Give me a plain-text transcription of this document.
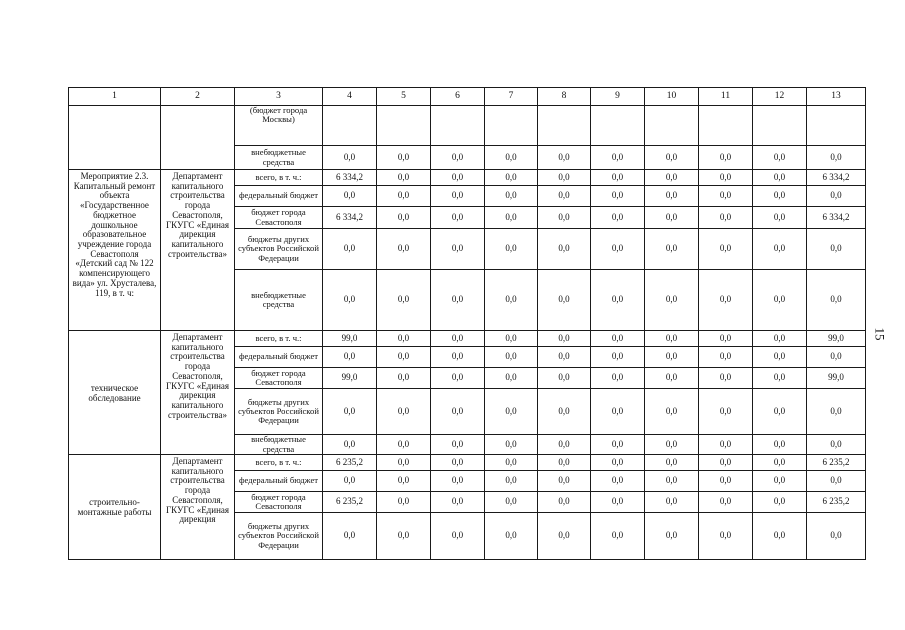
1	2	3	4	5	6	7	8	9	10	11	12	13
		(бюджет города Москвы)										
		внебюджетные средства	0,0	0,0	0,0	0,0	0,0	0,0	0,0	0,0	0,0	0,0
Мероприятие 2.3. Капитальный ремонт объекта «Государственное бюджетное дошкольное образовательное учреждение города Севастополя «Детский сад № 122 компенсирующего вида» ул. Хрусталева, 119, в т. ч:	Департамент капитального строительства города Севастополя, ГКУГС «Единая дирекция капитального строительства»	всего, в т. ч.:	6 334,2	0,0	0,0	0,0	0,0	0,0	0,0	0,0	0,0	6 334,2
		федеральный бюджет	0,0	0,0	0,0	0,0	0,0	0,0	0,0	0,0	0,0	0,0
		бюджет города Севастополя	6 334,2	0,0	0,0	0,0	0,0	0,0	0,0	0,0	0,0	6 334,2
		бюджеты других субъектов Российской Федерации	0,0	0,0	0,0	0,0	0,0	0,0	0,0	0,0	0,0	0,0
		внебюджетные средства	0,0	0,0	0,0	0,0	0,0	0,0	0,0	0,0	0,0	0,0
техническое обследование	Департамент капитального строительства города Севастополя, ГКУГС «Единая дирекция капитального строительства»	всего, в т. ч.:	99,0	0,0	0,0	0,0	0,0	0,0	0,0	0,0	0,0	99,0
		федеральный бюджет	0,0	0,0	0,0	0,0	0,0	0,0	0,0	0,0	0,0	0,0
		бюджет города Севастополя	99,0	0,0	0,0	0,0	0,0	0,0	0,0	0,0	0,0	99,0
		бюджеты других субъектов Российской Федерации	0,0	0,0	0,0	0,0	0,0	0,0	0,0	0,0	0,0	0,0
		внебюджетные средства	0,0	0,0	0,0	0,0	0,0	0,0	0,0	0,0	0,0	0,0
строительно-монтажные работы	Департамент капитального строительства города Севастополя, ГКУГС «Единая дирекция	всего, в т. ч.:	6 235,2	0,0	0,0	0,0	0,0	0,0	0,0	0,0	0,0	6 235,2
		федеральный бюджет	0,0	0,0	0,0	0,0	0,0	0,0	0,0	0,0	0,0	0,0
		бюджет города Севастополя	6 235,2	0,0	0,0	0,0	0,0	0,0	0,0	0,0	0,0	6 235,2
		бюджеты других субъектов Российской Федерации	0,0	0,0	0,0	0,0	0,0	0,0	0,0	0,0	0,0	0,0
15
